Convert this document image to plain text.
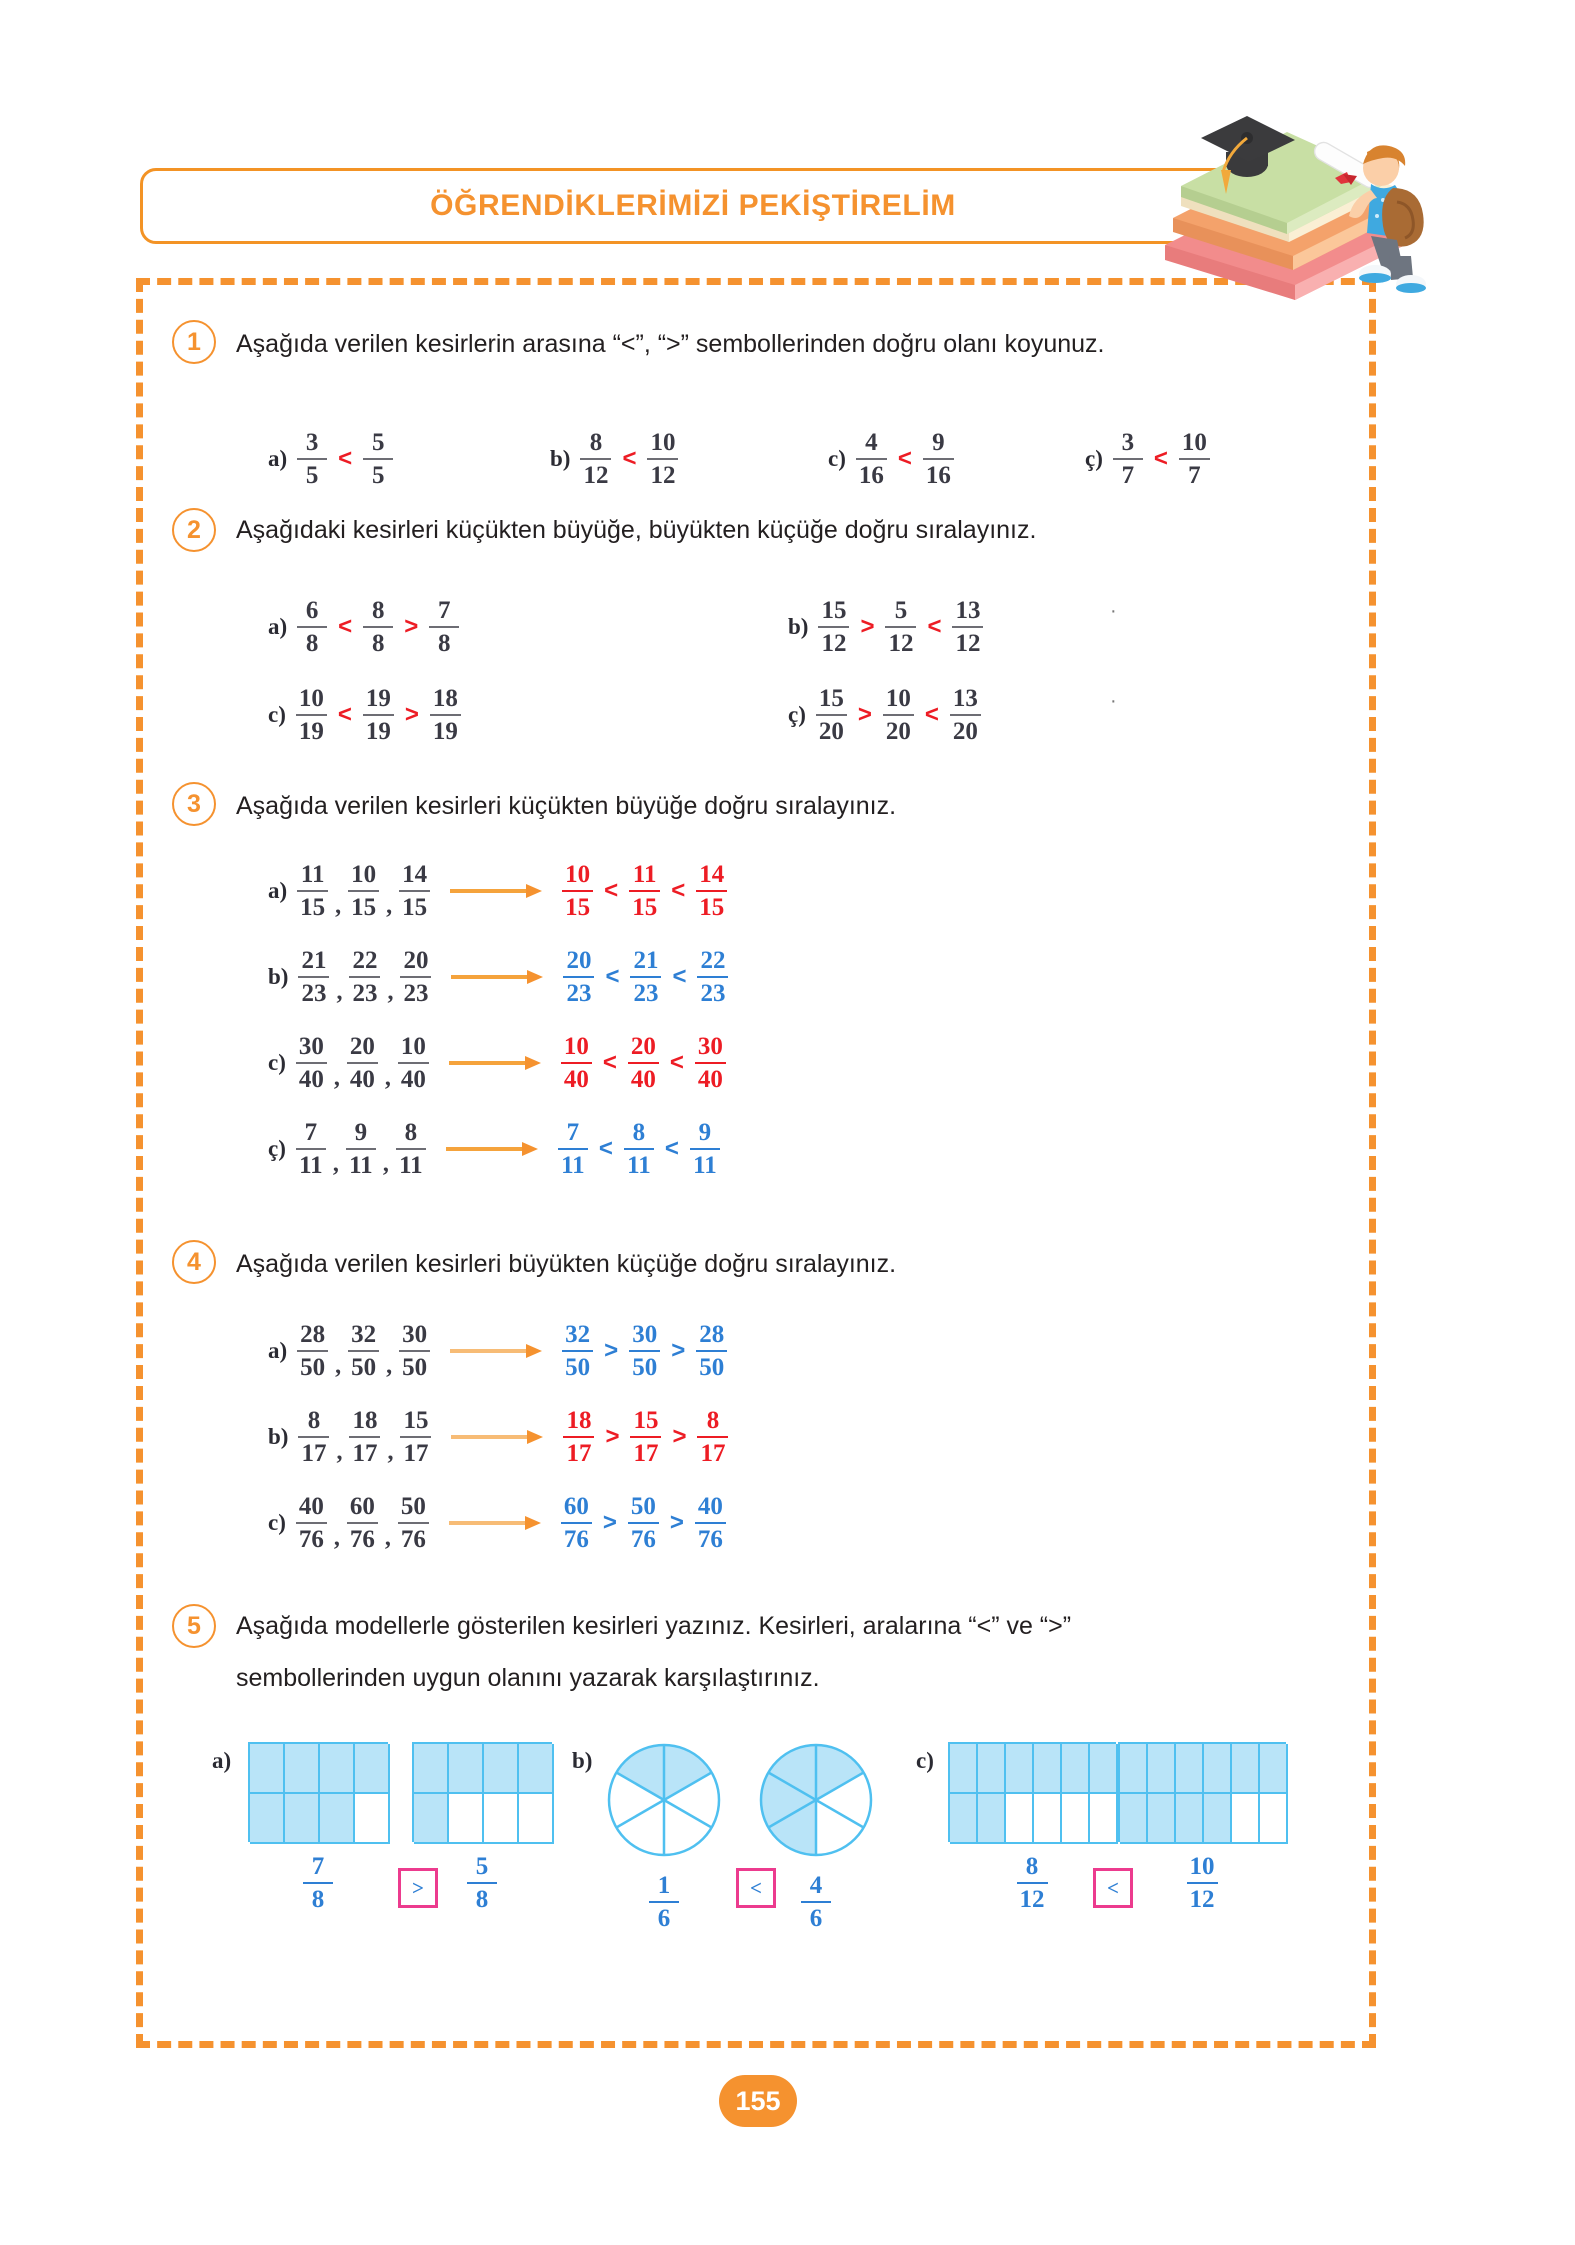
ÖĞRENDİKLERİMİZİ PEKİŞTİRELİM
1	Aşağıda verilen kesirlerin arasına “<”, “>” sembollerinden doğru olanı koyunuz.
$a) \frac{3}{5} < \frac{5}{5}$	$b) \frac{8}{12} < \frac{10}{12}$	$c) \frac{4}{16} < \frac{9}{16}$	ç) $\frac{3}{7} < \frac{10}{7}$
2	Aşağıdaki kesirleri küçükten büyüğe, büyükten küçüğe doğru sıralayınız.
$a) \frac{6}{8} < \frac{8}{8} > \frac{7}{8}$	$b) \frac{15}{12} > \frac{5}{12} < \frac{13}{12}$
$c) \frac{10}{19} < \frac{19}{19} > \frac{18}{19}$	ç) $\frac{15}{20} > \frac{10}{20} < \frac{13}{20}$
·
·
3	Aşağıda verilen kesirleri küçükten büyüğe doğru sıralayınız.
$a) \frac{11}{15}$ , $\frac{10}{15}$ , $\frac{14}{15}$	$\frac{10}{15} < \frac{11}{15} < \frac{14}{15}$
$b) \frac{21}{23}$ , $\frac{22}{23}$ , $\frac{20}{23}$	$\frac{20}{23} < \frac{21}{23} < \frac{22}{23}$
$c) \frac{30}{40}$ , $\frac{20}{40}$ , $\frac{10}{40}$	$\frac{10}{40} < \frac{20}{40} < \frac{30}{40}$
ç) $\frac{7}{11}$ , $\frac{9}{11}$ , $\frac{8}{11}$	$\frac{7}{11} < \frac{8}{11} < \frac{9}{11}$
4	Aşağıda verilen kesirleri büyükten küçüğe doğru sıralayınız.
$a) \frac{28}{50}$ , $\frac{32}{50}$ , $\frac{30}{50}$	$\frac{32}{50} > \frac{30}{50} > \frac{28}{50}$
$b) \frac{8}{17}$ , $\frac{18}{17}$ , $\frac{15}{17}$	$\frac{18}{17} > \frac{15}{17} > \frac{8}{17}$
$c) \frac{40}{76}$ , $\frac{60}{76}$ , $\frac{50}{76}$	$\frac{60}{76} > \frac{50}{76} > \frac{40}{76}$
5	Aşağıda modellerle gösterilen kesirleri yazınız. Kesirleri, aralarına “<” ve “>”
sembollerinden uygun olanını yazarak karşılaştırınız.
a)
$\frac{7}{8}$	>	$\frac{5}{8}$
b)
$\frac{1}{6}$	<	$\frac{4}{6}$
c)
$\frac{8}{12}$	<	$\frac{10}{12}$
155
